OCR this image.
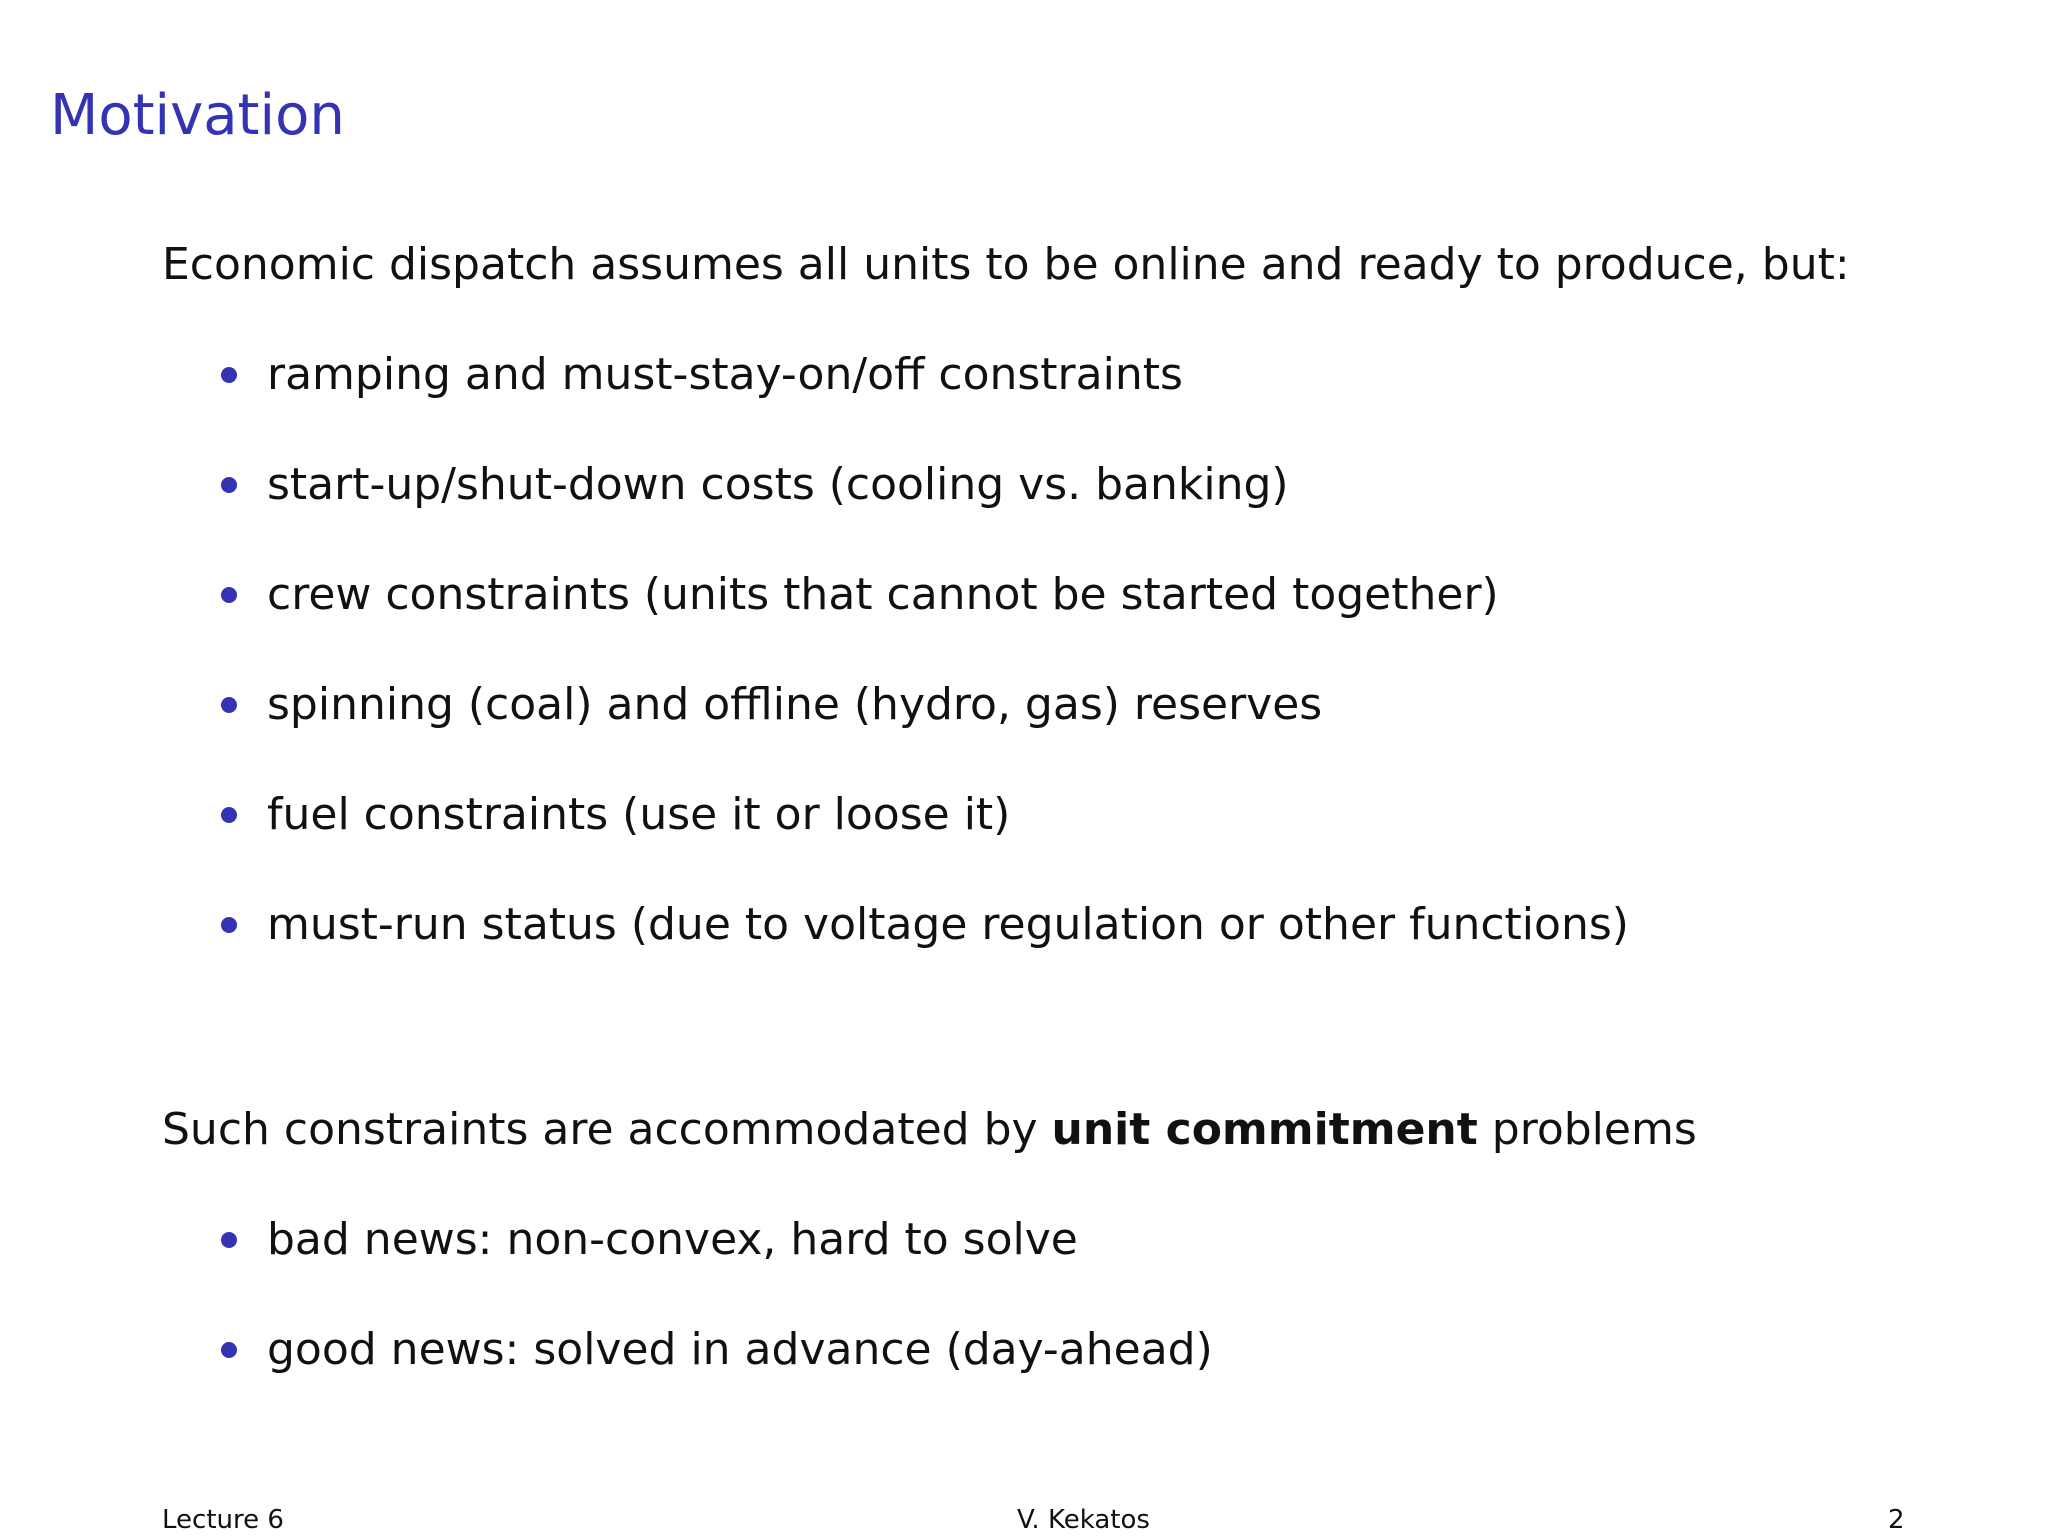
Motivation
Economic dispatch assumes all units to be online and ready to produce, but:
ramping and must-stay-on/off constraints
start-up/shut-down costs (cooling vs. banking)
crew constraints (units that cannot be started together)
spinning (coal) and offline (hydro, gas) reserves
fuel constraints (use it or loose it)
must-run status (due to voltage regulation or other functions)
Such constraints are accommodated by unit commitment problems
bad news: non-convex, hard to solve
good news: solved in advance (day-ahead)
Lecture 6	V. Kekatos	2
